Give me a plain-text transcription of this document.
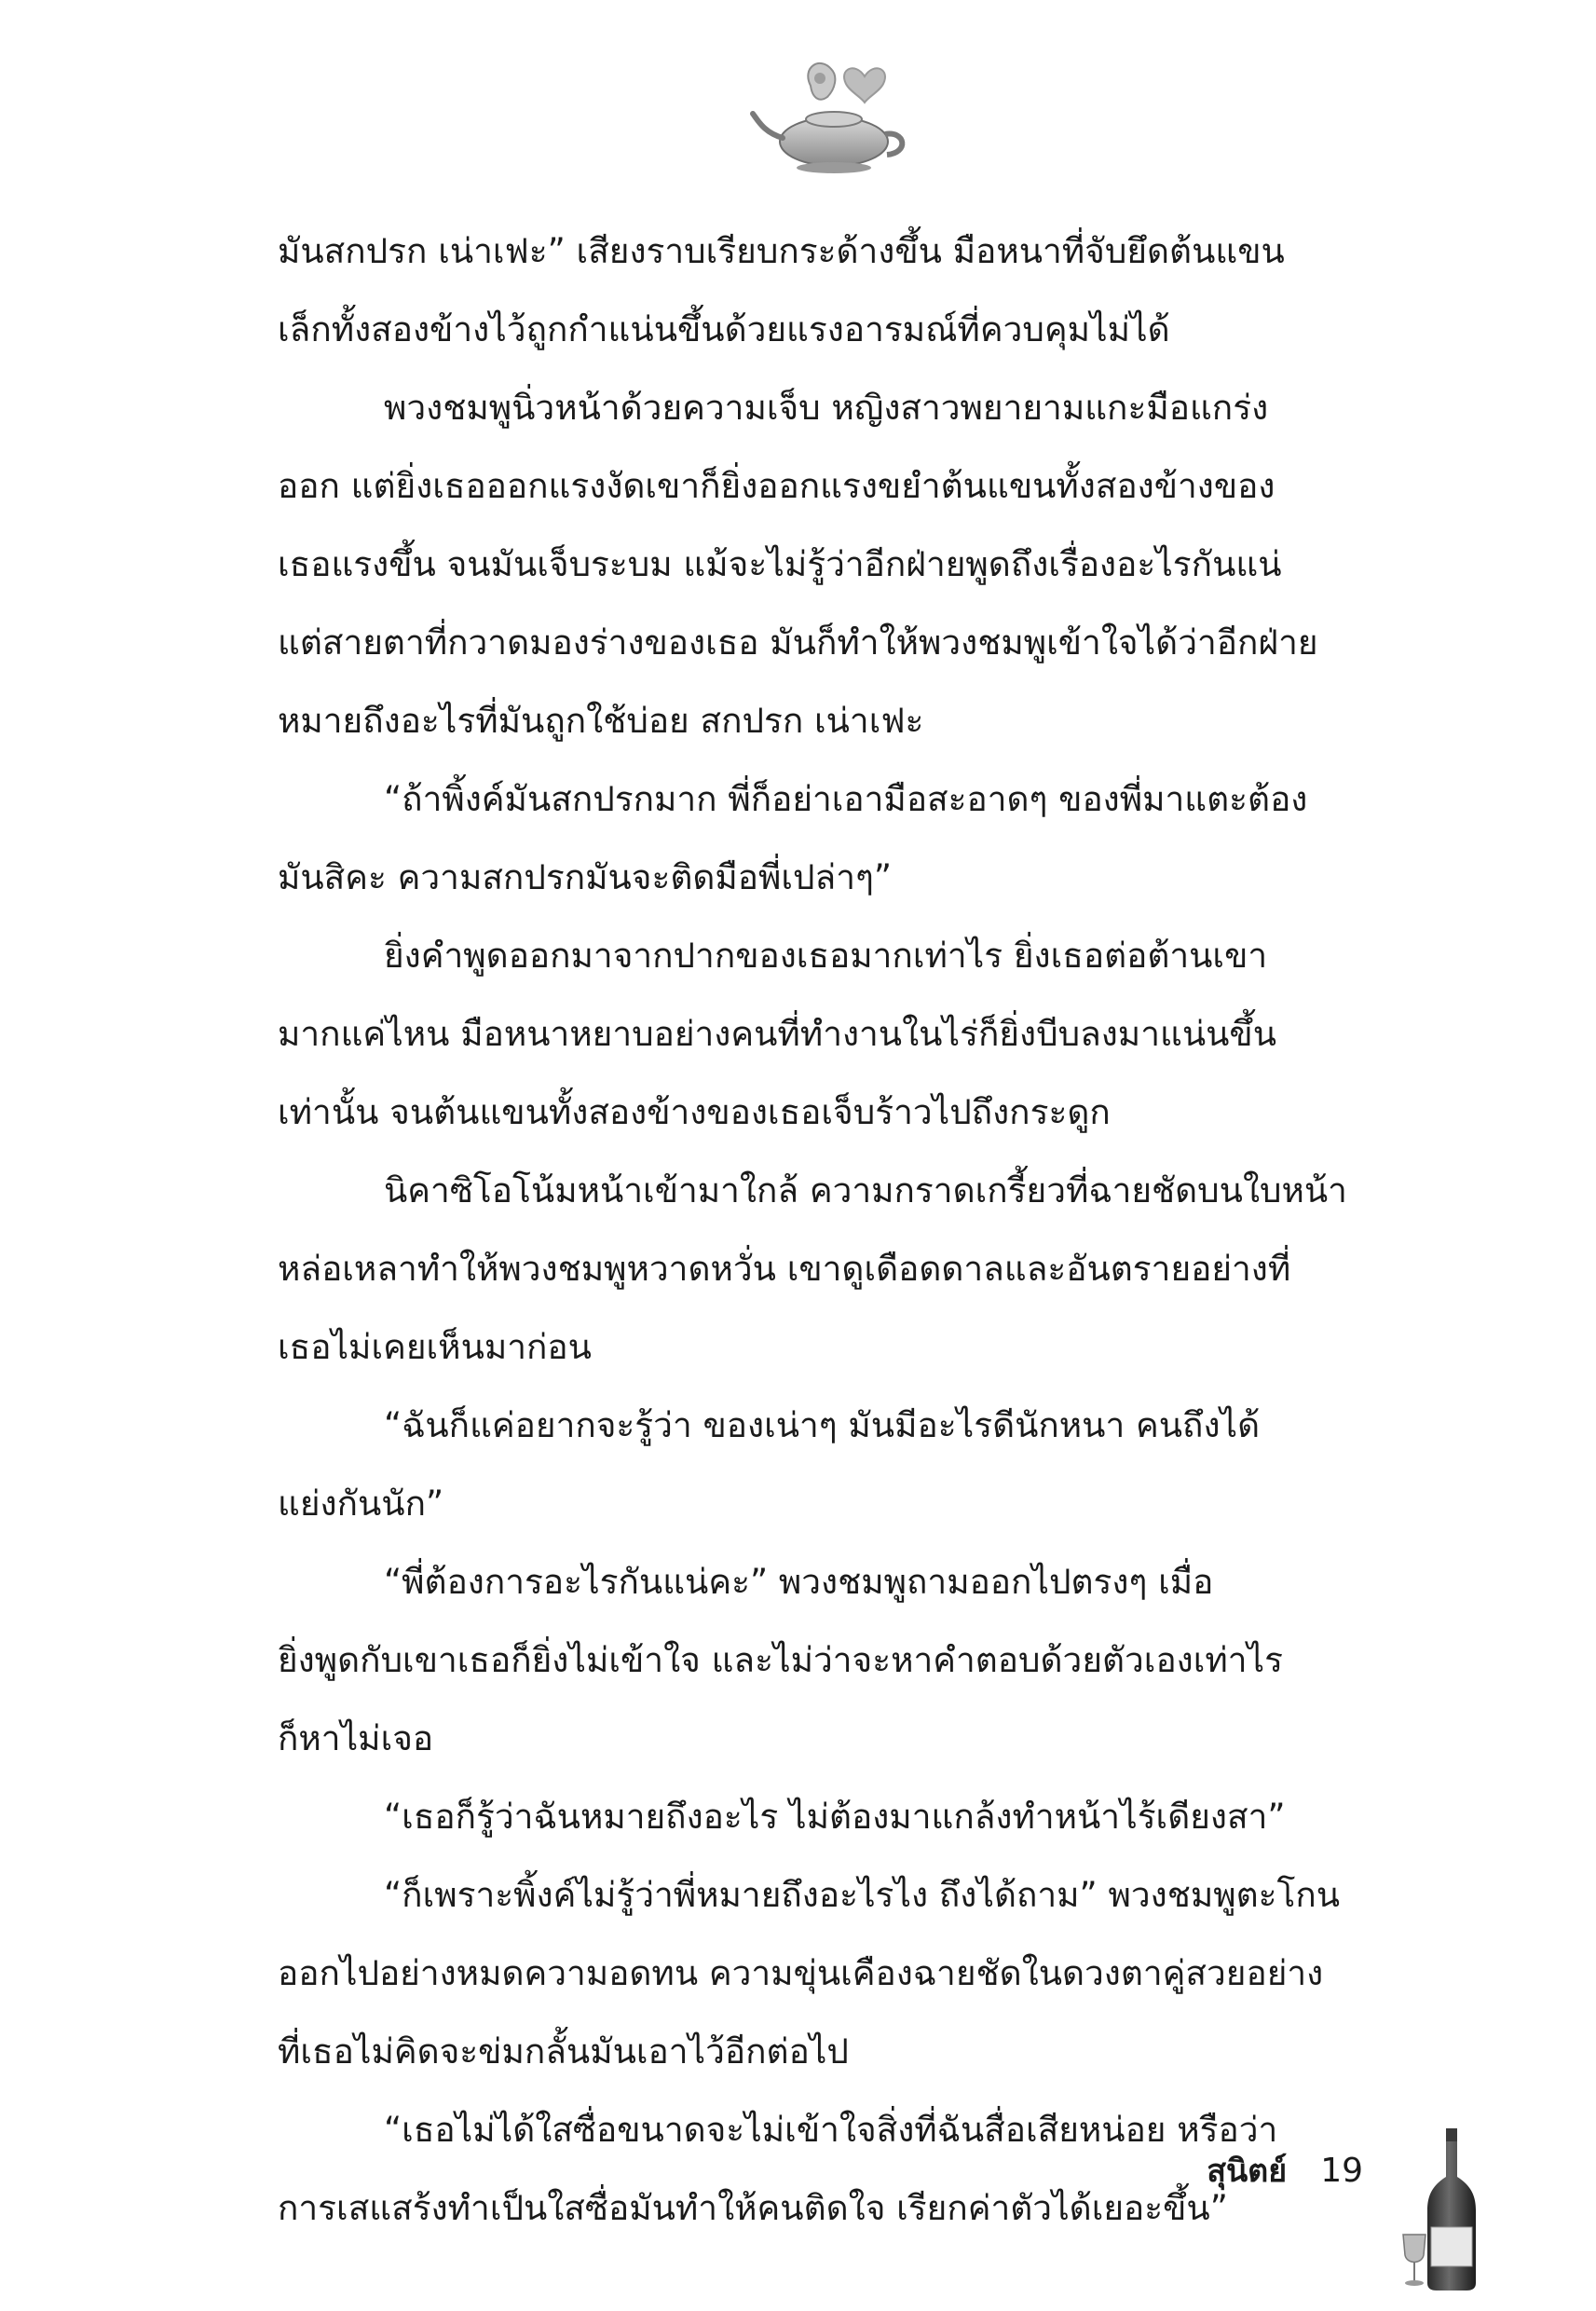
มันสกปรก เน่าเฟะ” เสียงราบเรียบกระด้างขึ้น มือหนาที่จับยึดต้นแขน
เล็กทั้งสองข้างไว้ถูกกำแน่นขึ้นด้วยแรงอารมณ์ที่ควบคุมไม่ได้
พวงชมพูนิ่วหน้าด้วยความเจ็บ หญิงสาวพยายามแกะมือแกร่ง
ออก แต่ยิ่งเธอออกแรงงัดเขาก็ยิ่งออกแรงขยำต้นแขนทั้งสองข้างของ
เธอแรงขึ้น จนมันเจ็บระบม แม้จะไม่รู้ว่าอีกฝ่ายพูดถึงเรื่องอะไรกันแน่
แต่สายตาที่กวาดมองร่างของเธอ มันก็ทำให้พวงชมพูเข้าใจได้ว่าอีกฝ่าย
หมายถึงอะไรที่มันถูกใช้บ่อย สกปรก เน่าเฟะ
“ถ้าพิ้งค์มันสกปรกมาก พี่ก็อย่าเอามือสะอาดๆ ของพี่มาแตะต้อง
มันสิคะ ความสกปรกมันจะติดมือพี่เปล่าๆ”
ยิ่งคำพูดออกมาจากปากของเธอมากเท่าไร ยิ่งเธอต่อต้านเขา
มากแค่ไหน มือหนาหยาบอย่างคนที่ทำงานในไร่ก็ยิ่งบีบลงมาแน่นขึ้น
เท่านั้น จนต้นแขนทั้งสองข้างของเธอเจ็บร้าวไปถึงกระดูก
นิคาซิโอโน้มหน้าเข้ามาใกล้ ความกราดเกรี้ยวที่ฉายชัดบนใบหน้า
หล่อเหลาทำให้พวงชมพูหวาดหวั่น เขาดูเดือดดาลและอันตรายอย่างที่
เธอไม่เคยเห็นมาก่อน
“ฉันก็แค่อยากจะรู้ว่า ของเน่าๆ มันมีอะไรดีนักหนา คนถึงได้
แย่งกันนัก”
“พี่ต้องการอะไรกันแน่คะ” พวงชมพูถามออกไปตรงๆ เมื่อ
ยิ่งพูดกับเขาเธอก็ยิ่งไม่เข้าใจ และไม่ว่าจะหาคำตอบด้วยตัวเองเท่าไร
ก็หาไม่เจอ
“เธอก็รู้ว่าฉันหมายถึงอะไร ไม่ต้องมาแกล้งทำหน้าไร้เดียงสา”
“ก็เพราะพิ้งค์ไม่รู้ว่าพี่หมายถึงอะไรไง ถึงได้ถาม” พวงชมพูตะโกน
ออกไปอย่างหมดความอดทน ความขุ่นเคืองฉายชัดในดวงตาคู่สวยอย่าง
ที่เธอไม่คิดจะข่มกลั้นมันเอาไว้อีกต่อไป
“เธอไม่ได้ใสซื่อขนาดจะไม่เข้าใจสิ่งที่ฉันสื่อเสียหน่อย หรือว่า
การเสแสร้งทำเป็นใสซื่อมันทำให้คนติดใจ เรียกค่าตัวได้เยอะขึ้น”
สุนิตย์ 19
